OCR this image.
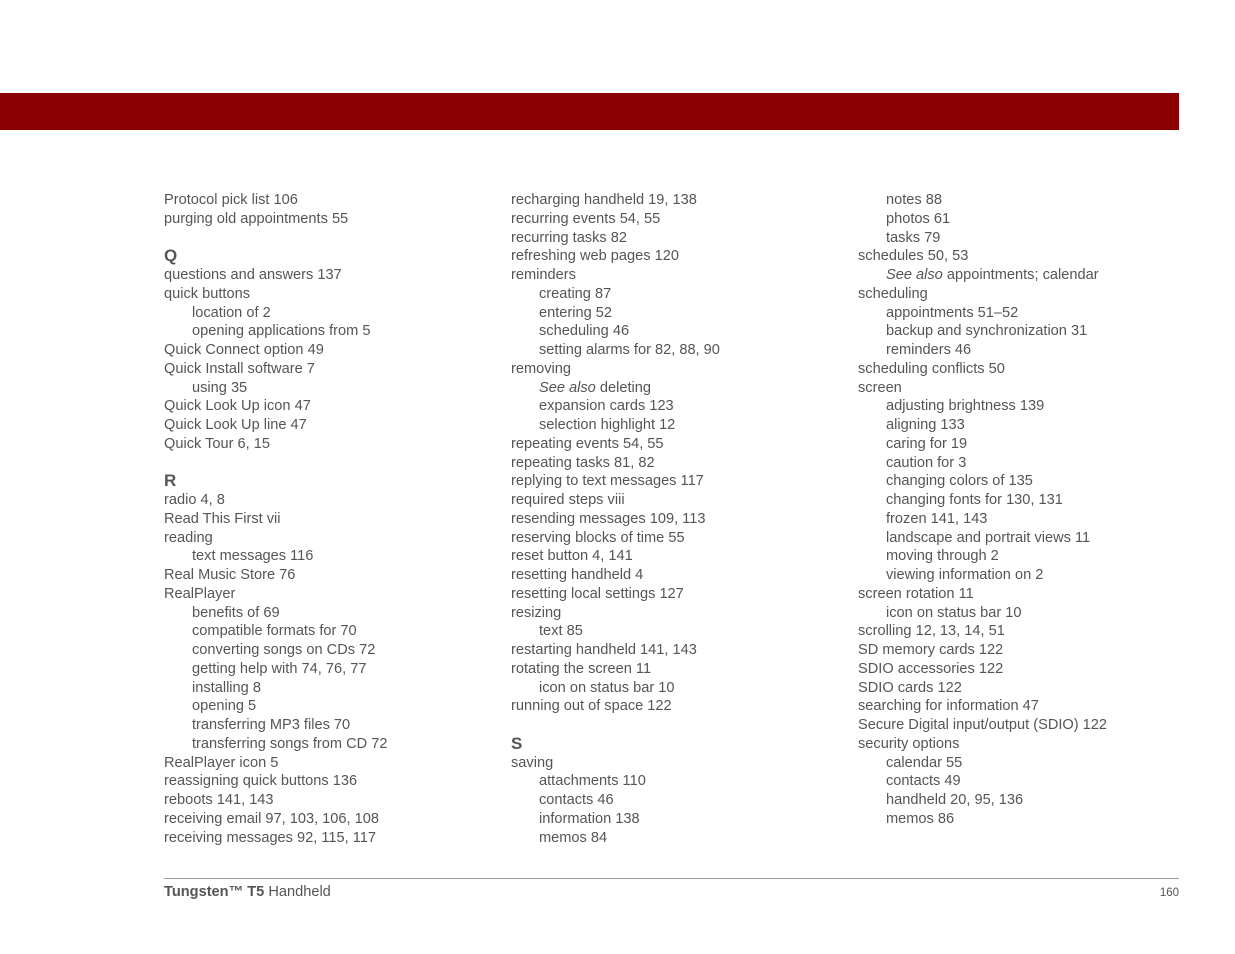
Protocol pick list 106
purging old appointments 55
Q
questions and answers 137
quick buttons
location of 2
opening applications from 5
Quick Connect option 49
Quick Install software 7
using 35
Quick Look Up icon 47
Quick Look Up line 47
Quick Tour 6, 15
R
radio 4, 8
Read This First vii
reading
text messages 116
Real Music Store 76
RealPlayer
benefits of 69
compatible formats for 70
converting songs on CDs 72
getting help with 74, 76, 77
installing 8
opening 5
transferring MP3 files 70
transferring songs from CD 72
RealPlayer icon 5
reassigning quick buttons 136
reboots 141, 143
receiving email 97, 103, 106, 108
receiving messages 92, 115, 117
recharging handheld 19, 138
recurring events 54, 55
recurring tasks 82
refreshing web pages 120
reminders
creating 87
entering 52
scheduling 46
setting alarms for 82, 88, 90
removing
See also deleting
expansion cards 123
selection highlight 12
repeating events 54, 55
repeating tasks 81, 82
replying to text messages 117
required steps viii
resending messages 109, 113
reserving blocks of time 55
reset button 4, 141
resetting handheld 4
resetting local settings 127
resizing
text 85
restarting handheld 141, 143
rotating the screen 11
icon on status bar 10
running out of space 122
S
saving
attachments 110
contacts 46
information 138
memos 84
notes 88
photos 61
tasks 79
schedules 50, 53
See also appointments; calendar
scheduling
appointments 51–52
backup and synchronization 31
reminders 46
scheduling conflicts 50
screen
adjusting brightness 139
aligning 133
caring for 19
caution for 3
changing colors of 135
changing fonts for 130, 131
frozen 141, 143
landscape and portrait views 11
moving through 2
viewing information on 2
screen rotation 11
icon on status bar 10
scrolling 12, 13, 14, 51
SD memory cards 122
SDIO accessories 122
SDIO cards 122
searching for information 47
Secure Digital input/output (SDIO) 122
security options
calendar 55
contacts 49
handheld 20, 95, 136
memos 86
Tungsten™ T5 Handheld	160
